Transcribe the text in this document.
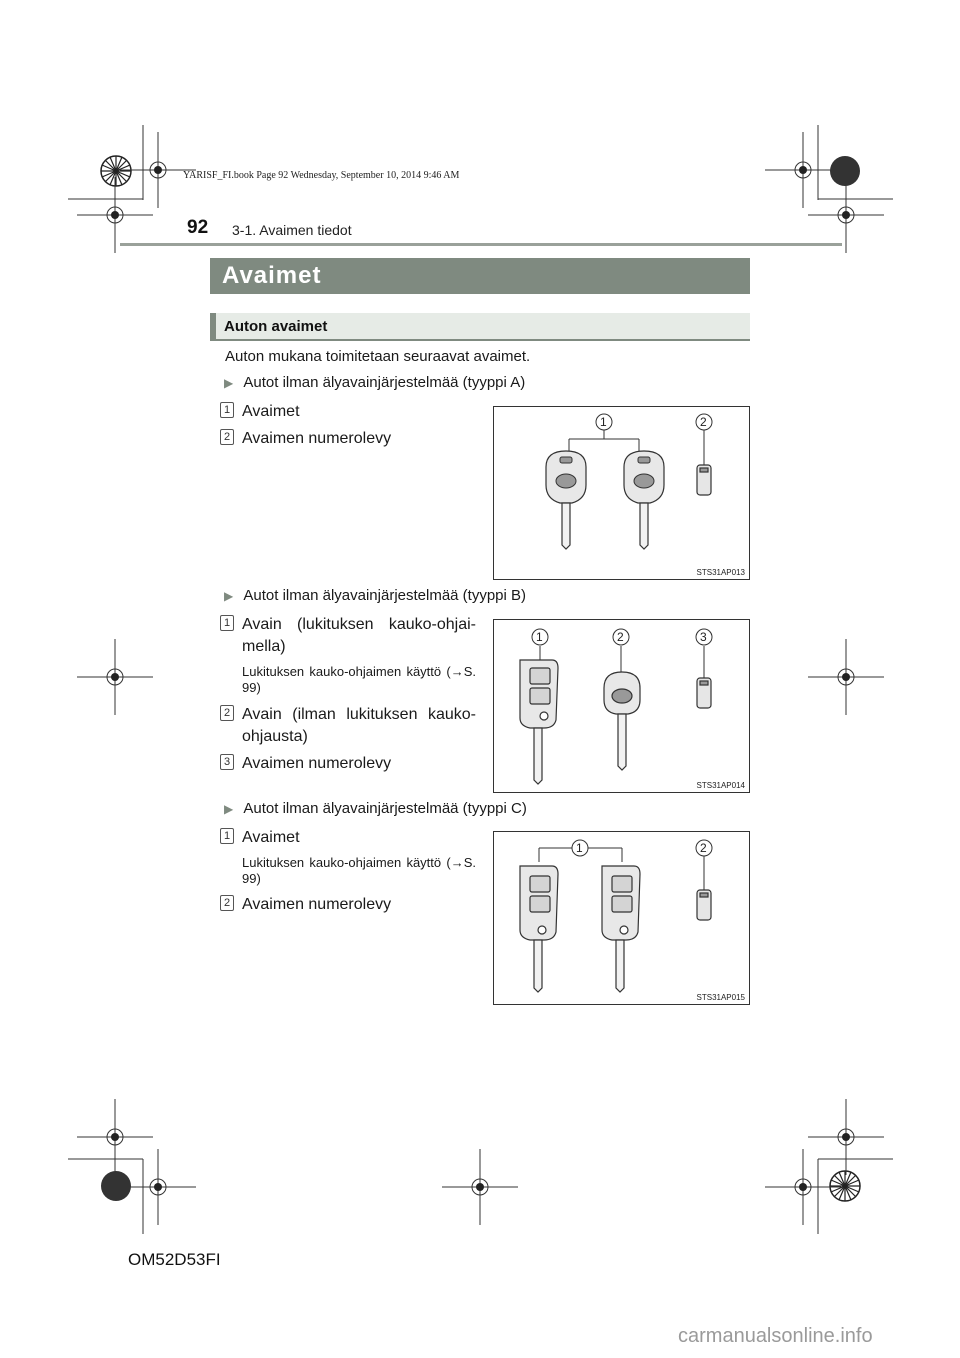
YARISF_FI.book Page 92 Wednesday, September 10, 2014 9:46 AM
92 3-1. Avaimen tiedot
Avaimet
Auton avaimet
Auton mukana toimitetaan seuraavat avaimet.
▶ Autot ilman älyavainjärjestelmää (tyyppi A)
1 Avaimet
2 Avaimen numerolevy
1	2
STS31AP013
▶ Autot ilman älyavainjärjestelmää (tyyppi B)
1 Avain (lukituksen kauko-ohjai-mella)
Lukituksen kauko-ohjaimen käyttö (→S. 99)
2 Avain (ilman lukituksen kauko-ohjausta)
3 Avaimen numerolevy
1	2	3
STS31AP014
▶ Autot ilman älyavainjärjestelmää (tyyppi C)
1 Avaimet
Lukituksen kauko-ohjaimen käyttö (→S. 99)
2 Avaimen numerolevy
1	2
STS31AP015
OM52D53FI
carmanualsonline.info
